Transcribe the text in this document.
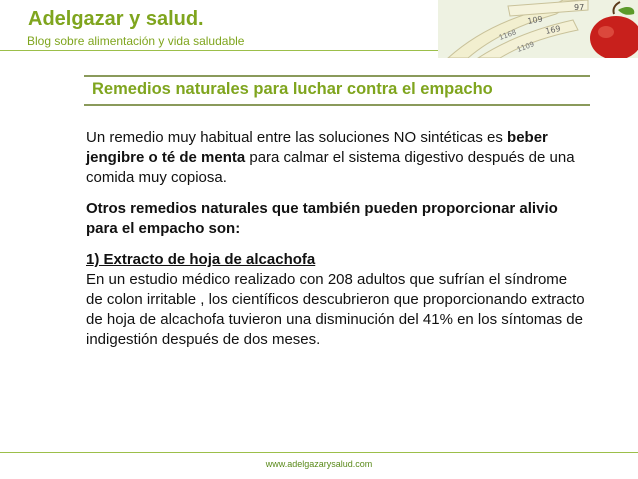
Adelgazar y salud.
Blog sobre alimentación y vida saludable
97
109
169
1168
1109
Remedios naturales para luchar contra el empacho

Un remedio muy habitual entre las soluciones NO sintéticas es beber jengibre o té de menta para calmar el sistema digestivo después de una comida muy copiosa.

Otros remedios naturales que también pueden proporcionar alivio para el empacho son:

1) Extracto de hoja de alcachofa
En un estudio médico realizado con 208 adultos que sufrían el síndrome de colon irritable , los científicos descubrieron que proporcionando extracto de hoja de alcachofa tuvieron una disminución del 41% en los síntomas de indigestión después de dos meses.

www.adelgazarysalud.com
